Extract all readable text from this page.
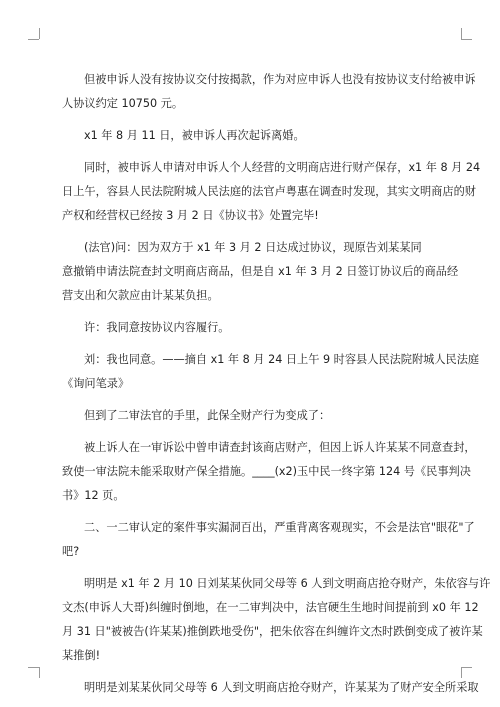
但被申诉人没有按协议交付按揭款，作为对应申诉人也没有按协议支付给被申诉
人协议约定 10750 元。
x1 年 8 月 11 日，被申诉人再次起诉离婚。
同时，被申诉人申请对申诉人个人经营的文明商店进行财产保存，x1 年 8 月 24
日上午，容县人民法院附城人民法庭的法官卢粤惠在调查时发现，其实文明商店的财
产权和经营权已经按 3 月 2 日《协议书》处置完毕!
(法官)问：因为双方于 x1 年 3 月 2 日达成过协议，现原告刘某某同
意撤销申请法院查封文明商店商品，但是自 x1 年 3 月 2 日签订协议后的商品经
营支出和欠款应由计某某负担。
许：我同意按协议内容履行。
刘：我也同意。——摘自 x1 年 8 月 24 日上午 9 时容县人民法院附城人民法庭
《询问笔录》
但到了二审法官的手里，此保全财产行为变成了：
被上诉人在一审诉讼中曾申请查封该商店财产，但因上诉人许某某不同意查封，
致使一审法院未能采取财产保全措施。____(x2)玉中民一终字第 124 号《民事判决
书》12 页。
二、一二审认定的案件事实漏洞百出，严重背离客观现实，不会是法官"眼花"了
吧?
明明是 x1 年 2 月 10 日刘某某伙同父母等 6 人到文明商店抢夺财产，朱依容与许
文杰(申诉人大哥)纠缠时倒地，在一二审判决中，法官硬生生地时间提前到 x0 年 12
月 31 日"被被告(许某某)推倒跌地受伤"，把朱依容在纠缠许文杰时跌倒变成了被许某
某推倒!
明明是刘某某伙同父母等 6 人到文明商店抢夺财产，许某某为了财产安全所采取
